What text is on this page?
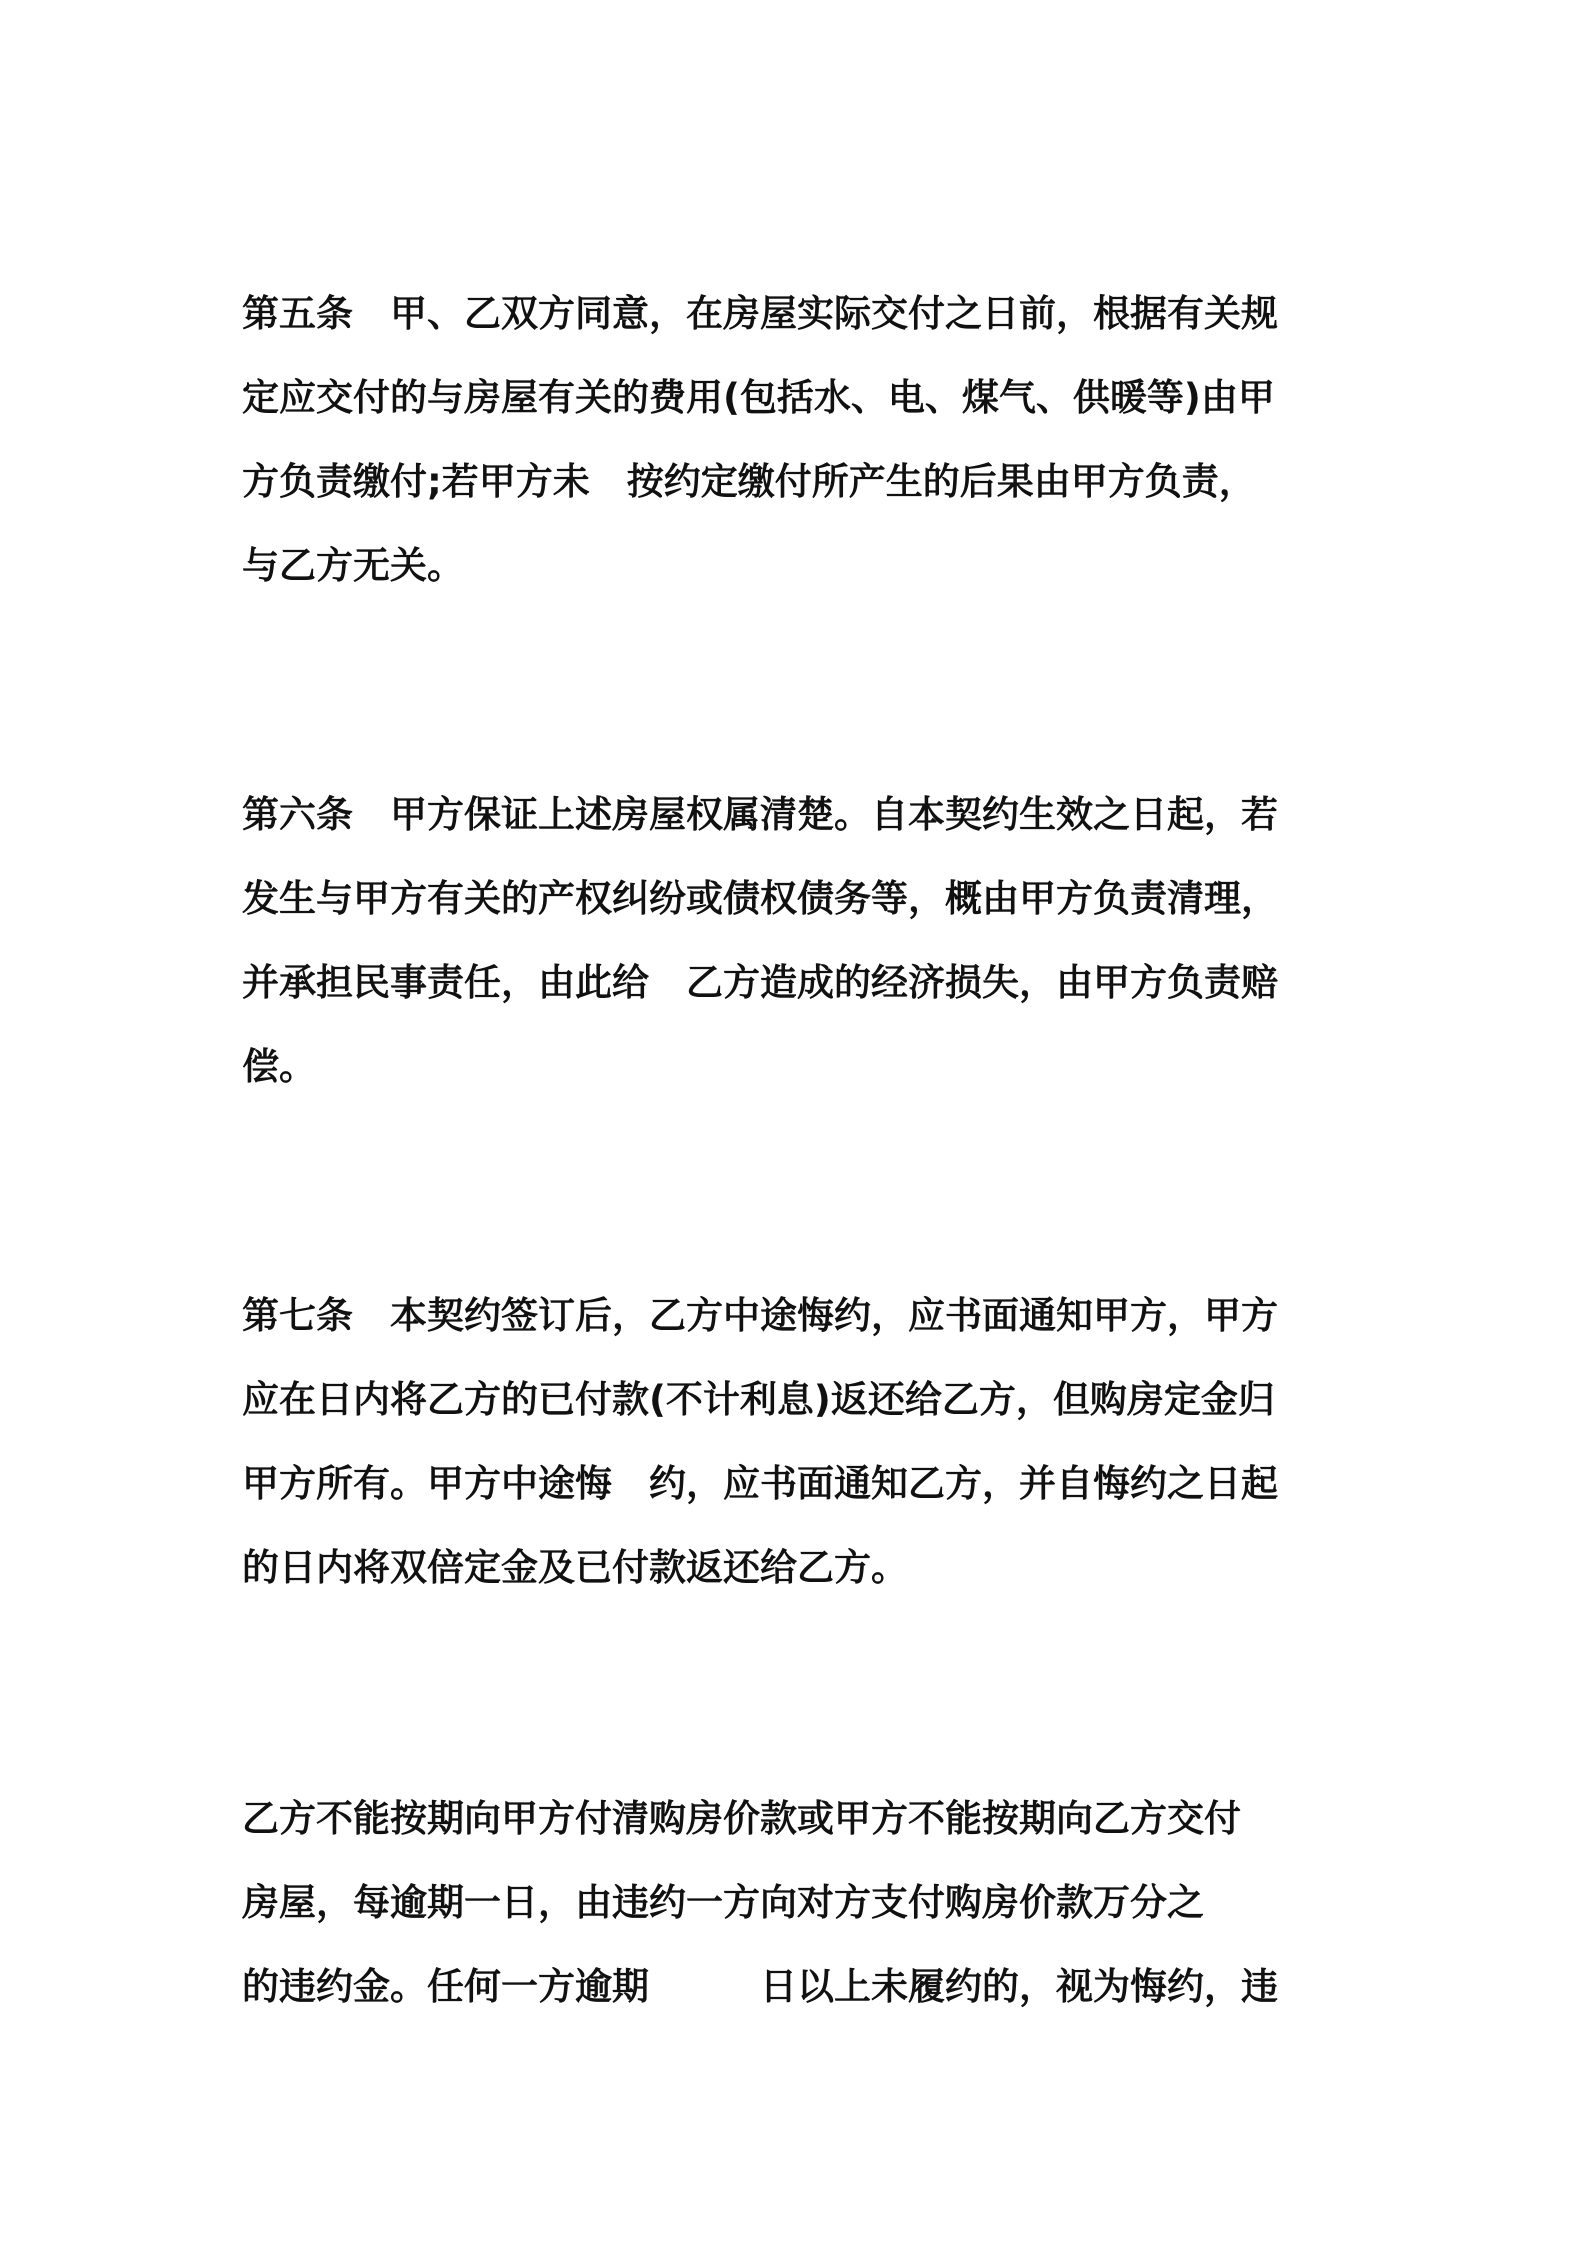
第五条　甲、乙双方同意，在房屋实际交付之日前，根据有关规
定应交付的与房屋有关的费用(包括水、电、煤气、供暖等)由甲
方负责缴付;若甲方未　按约定缴付所产生的后果由甲方负责，
与乙方无关。
第六条　甲方保证上述房屋权属清楚。自本契约生效之日起，若
发生与甲方有关的产权纠纷或债权债务等，概由甲方负责清理，
并承担民事责任，由此给　乙方造成的经济损失，由甲方负责赔
偿。
第七条　本契约签订后，乙方中途悔约，应书面通知甲方，甲方
应在日内将乙方的已付款(不计利息)返还给乙方，但购房定金归
甲方所有。甲方中途悔　约，应书面通知乙方，并自悔约之日起
的日内将双倍定金及已付款返还给乙方。
乙方不能按期向甲方付清购房价款或甲方不能按期向乙方交付
房屋，每逾期一日，由违约一方向对方支付购房价款万分之
的违约金。任何一方逾期　　　日以上未履约的，视为悔约，违
